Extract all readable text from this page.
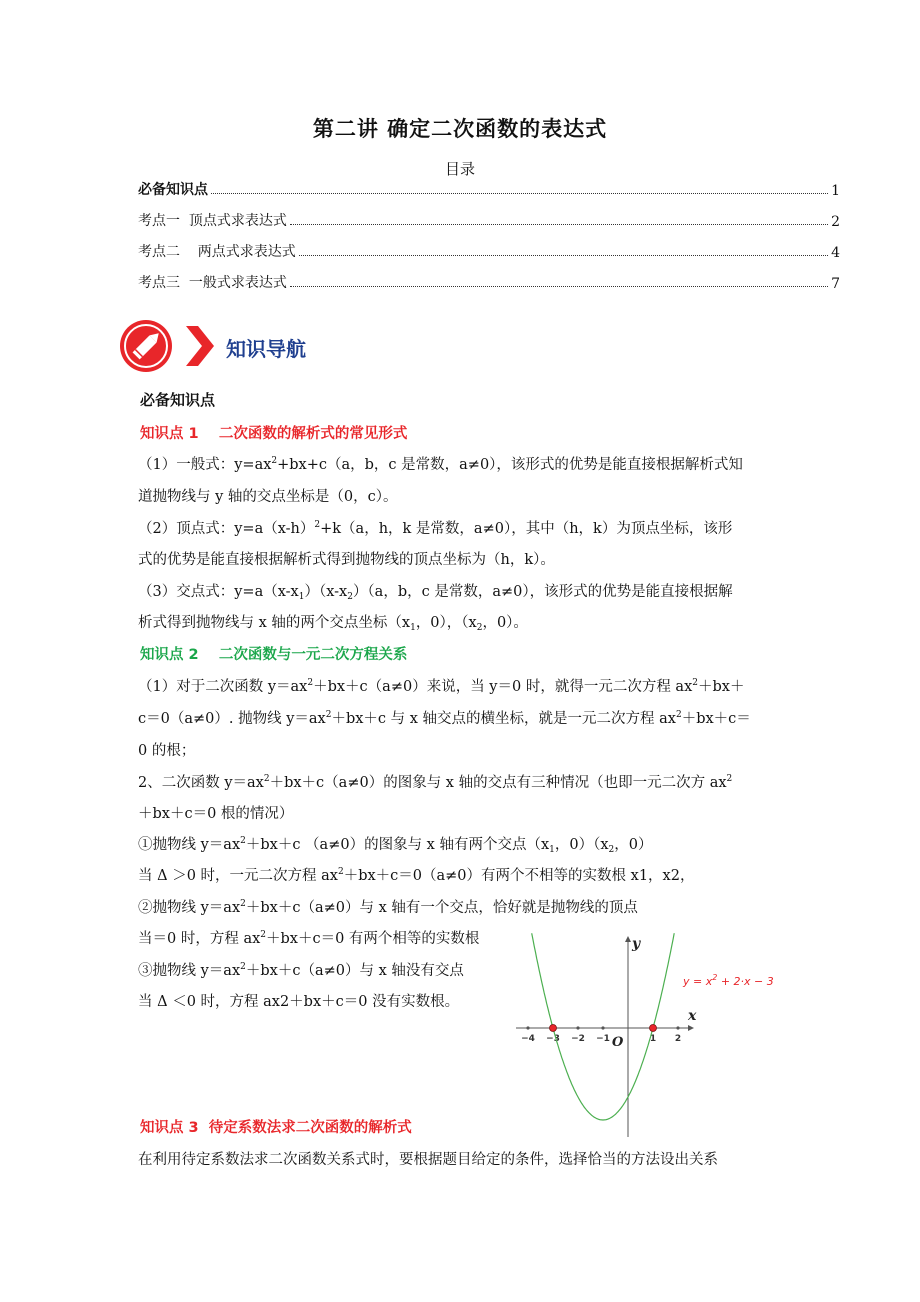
第二讲 确定二次函数的表达式
目录
必备知识点	1
考点一  顶点式求表达式	2
考点二    两点式求表达式	4
考点三  一般式求表达式	7
知识导航
必备知识点
知识点 1    二次函数的解析式的常见形式
（1）一般式：$y=ax^2+bx+c(a$，b，c 是常数，a≠0），该形式的优势是能直接根据解析式知
道抛物线与 y 轴的交点坐标是（0，c）。
（2）顶点式：$y=a(x-h)^2+k(a$，h，k 是常数，a≠0），其中（h，k）为顶点坐标，该形
式的优势是能直接根据解析式得到抛物线的顶点坐标为（h，k）。
（3）交点式：$y=a(x-x_1)(x-x_2)(a$，b，c 是常数，a≠0），该形式的优势是能直接根据解
析式得到抛物线与 x 轴的两个交点坐标（$x_1$，0），（$x_2$，0）。
知识点 2    二次函数与一元二次方程关系
（1）对于二次函数 $y=ax^2+bx+c(a\ne 0)$来说，当 y＝0 时，就得一元二次方程 $ax^2+bx+$
c＝0（a≠0）. 抛物线 $y=ax^2+bx+c$ 与 x 轴交点的横坐标，就是一元二次方程 $ax^2+bx+c=$
0 的根；
2、二次函数 $y=ax^2+bx+c(a\ne 0)$的图象与 x 轴的交点有三种情况（也即一元二次方 $ax^2$
＋bx＋c＝0 根的情况）
①抛物线 $y=ax^2+bx+c$ （a≠0）的图象与 x 轴有两个交点（$x_1$，$0)(x_2$，0）
当 Δ ＞0 时，一元二次方程 $ax^2+bx+c=0(a\ne 0)$有两个不相等的实数根 x1，x2，
②抛物线 $y=ax^2+bx+c(a\ne 0)$与 x 轴有一个交点，恰好就是抛物线的顶点
当＝0 时，方程 $ax^2+bx+c=0$ 有两个相等的实数根
③抛物线 $y=ax^2+bx+c(a\ne 0)$与 x 轴没有交点
当 Δ ＜0 时，方程 ax2＋bx＋c＝0 没有实数根。
−4 −3 −2 −1	1 2
x
y
O
$y = x^2 + 2\cdot x - 3$
知识点 3  待定系数法求二次函数的解析式
在利用待定系数法求二次函数关系式时，要根据题目给定的条件，选择恰当的方法设出关系
